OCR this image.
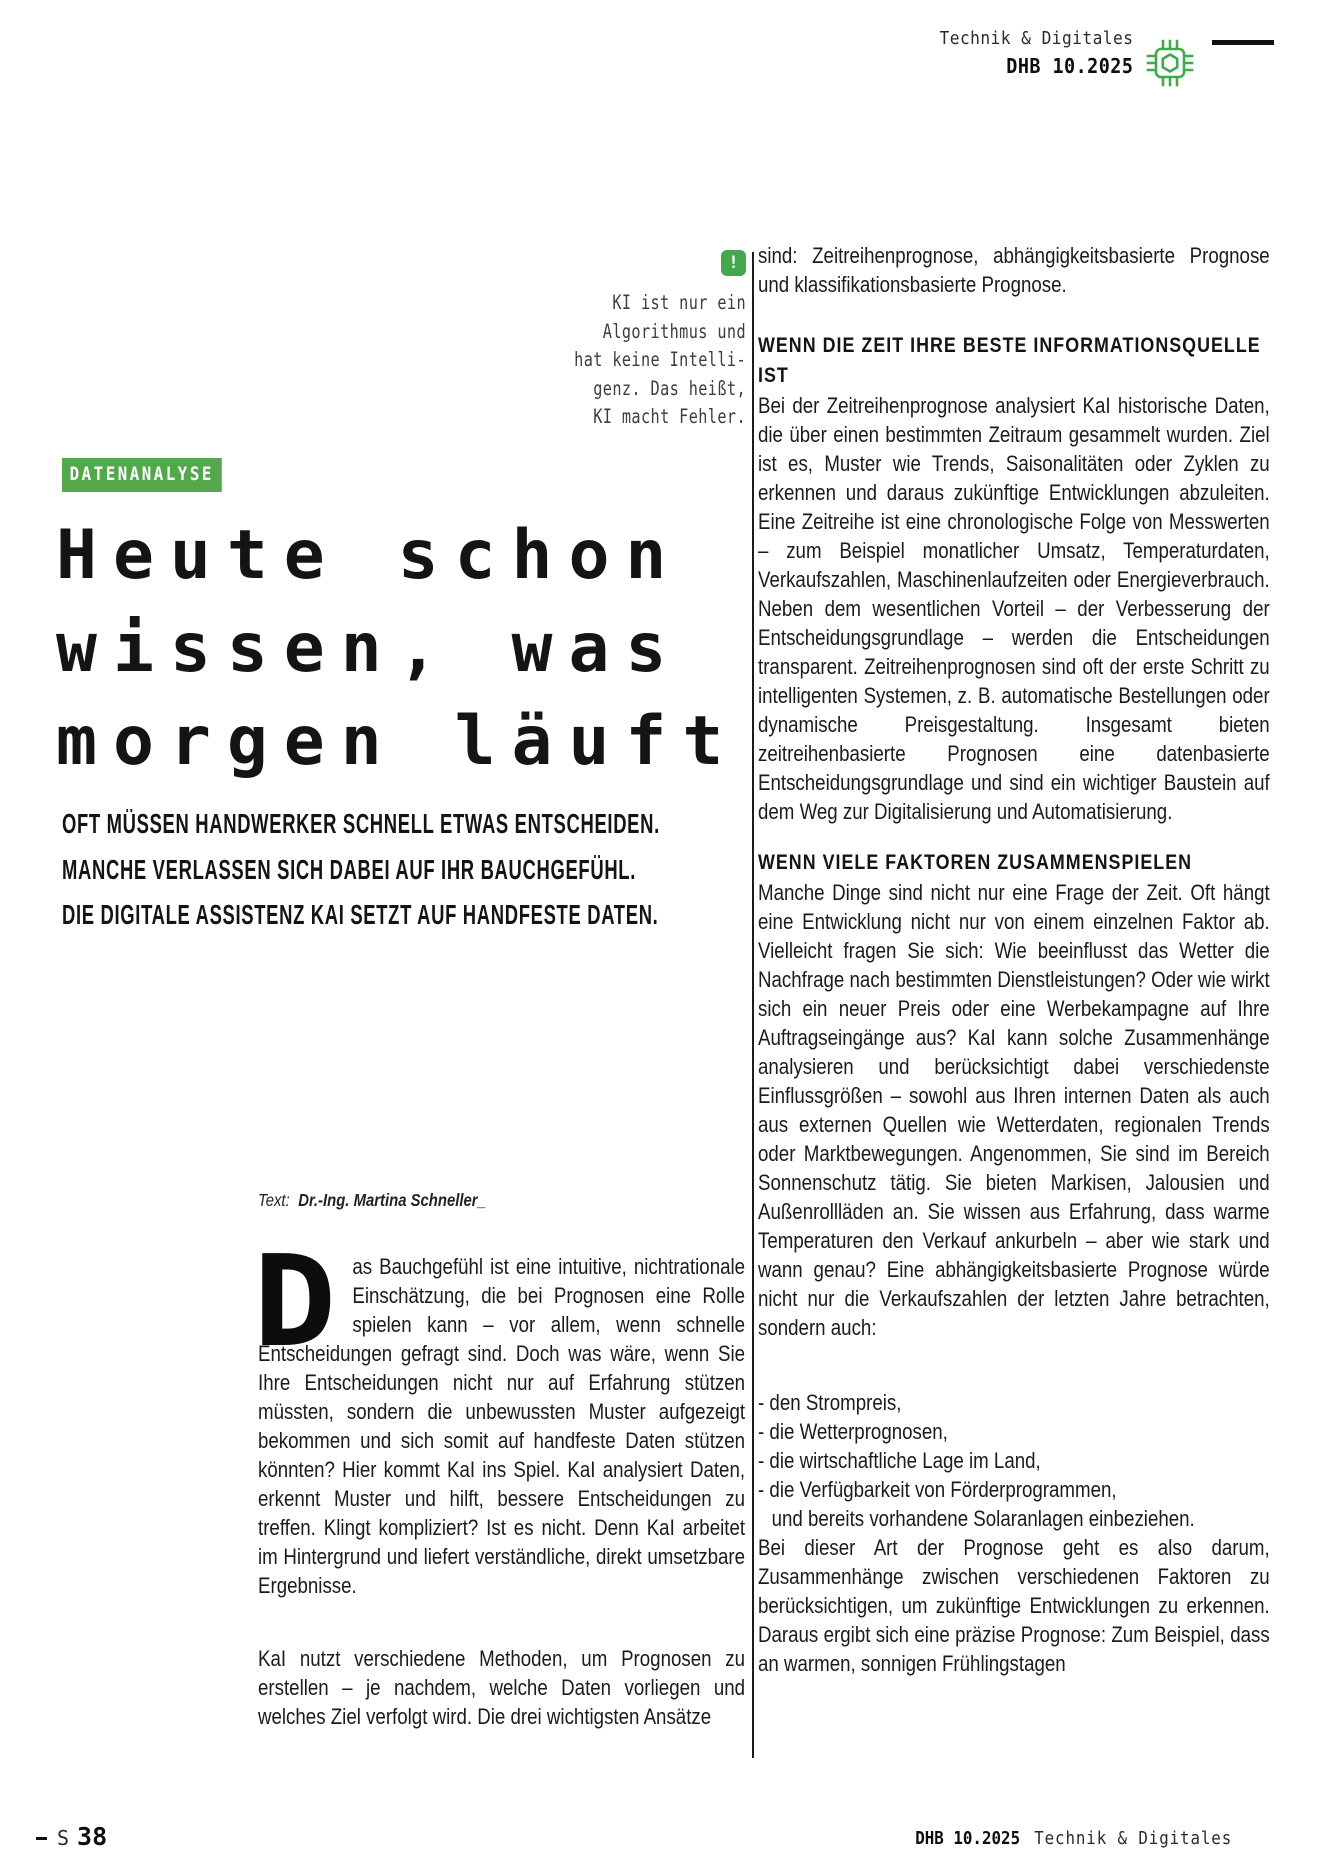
Technik & Digitales
DHB 10.2025
!
KI ist nur ein
Algorithmus und
hat keine Intelli-
genz. Das heißt,
KI macht Fehler.
DATENANALYSE
Heute schon
wissen, was
morgen läuft
OFT MÜSSEN HANDWERKER SCHNELL ETWAS ENTSCHEIDEN.
MANCHE VERLASSEN SICH DABEI AUF IHR BAUCHGEFÜHL.
DIE DIGITALE ASSISTENZ KAI SETZT AUF HANDFESTE DATEN.
Text: Dr.-Ing. Martina Schneller_
D as Bauchgefühl ist eine intuitive, nichtrationale Einschätzung, die bei Prognosen eine Rolle spielen kann – vor allem, wenn schnelle Entscheidungen gefragt sind. Doch was wäre, wenn Sie Ihre Entscheidungen nicht nur auf Erfahrung stützen müssten, sondern die unbewussten Muster aufgezeigt bekommen und sich somit auf handfeste Daten stützen könnten? Hier kommt KaI ins Spiel. KaI analysiert Daten, erkennt Muster und hilft, bessere Entscheidungen zu treffen. Klingt kompliziert? Ist es nicht. Denn KaI arbeitet im Hintergrund und liefert verständliche, direkt umsetzbare Ergebnisse.

KaI nutzt verschiedene Methoden, um Prognosen zu erstellen – je nachdem, welche Daten vorliegen und welches Ziel verfolgt wird. Die drei wichtigsten Ansätze

sind: Zeitreihenprognose, abhängigkeitsbasierte Prognose und klassifikationsbasierte Prognose.

WENN DIE ZEIT IHRE BESTE INFORMATIONSQUELLE IST

Bei der Zeitreihenprognose analysiert KaI historische Daten, die über einen bestimmten Zeitraum gesammelt wurden. Ziel ist es, Muster wie Trends, Saisonalitäten oder Zyklen zu erkennen und daraus zukünftige Entwicklungen abzuleiten. Eine Zeitreihe ist eine chronologische Folge von Messwerten – zum Beispiel monatlicher Umsatz, Temperaturdaten, Verkaufszahlen, Maschinenlaufzeiten oder Energieverbrauch. Neben dem wesentlichen Vorteil – der Verbesserung der Entscheidungsgrundlage – werden die Entscheidungen transparent. Zeitreihenprognosen sind oft der erste Schritt zu intelligenten Systemen, z. B. automatische Bestellungen oder dynamische Preisgestaltung. Insgesamt bieten zeitreihenbasierte Prognosen eine datenbasierte Entscheidungsgrundlage und sind ein wichtiger Baustein auf dem Weg zur Digitalisierung und Automatisierung.

WENN VIELE FAKTOREN ZUSAMMENSPIELEN

Manche Dinge sind nicht nur eine Frage der Zeit. Oft hängt eine Entwicklung nicht nur von einem einzelnen Faktor ab. Vielleicht fragen Sie sich: Wie beeinflusst das Wetter die Nachfrage nach bestimmten Dienstleistungen? Oder wie wirkt sich ein neuer Preis oder eine Werbekampagne auf Ihre Auftragseingänge aus? KaI kann solche Zusammenhänge analysieren und berücksichtigt dabei verschiedenste Einflussgrößen – sowohl aus Ihren internen Daten als auch aus externen Quellen wie Wetterdaten, regionalen Trends oder Marktbewegungen. Angenommen, Sie sind im Bereich Sonnenschutz tätig. Sie bieten Markisen, Jalousien und Außenrollläden an. Sie wissen aus Erfahrung, dass warme Temperaturen den Verkauf ankurbeln – aber wie stark und wann genau? Eine abhängigkeitsbasierte Prognose würde nicht nur die Verkaufszahlen der letzten Jahre betrachten, sondern auch:

- den Strompreis,
- die Wetterprognosen,
- die wirtschaftliche Lage im Land,
- die Verfügbarkeit von Förderprogrammen,
und bereits vorhandene Solaranlagen einbeziehen.

Bei dieser Art der Prognose geht es also darum, Zusammenhänge zwischen verschiedenen Faktoren zu berücksichtigen, um zukünftige Entwicklungen zu erkennen. Daraus ergibt sich eine präzise Prognose: Zum Beispiel, dass an warmen, sonnigen Frühlingstagen

S 38	DHB 10.2025 Technik & Digitales
